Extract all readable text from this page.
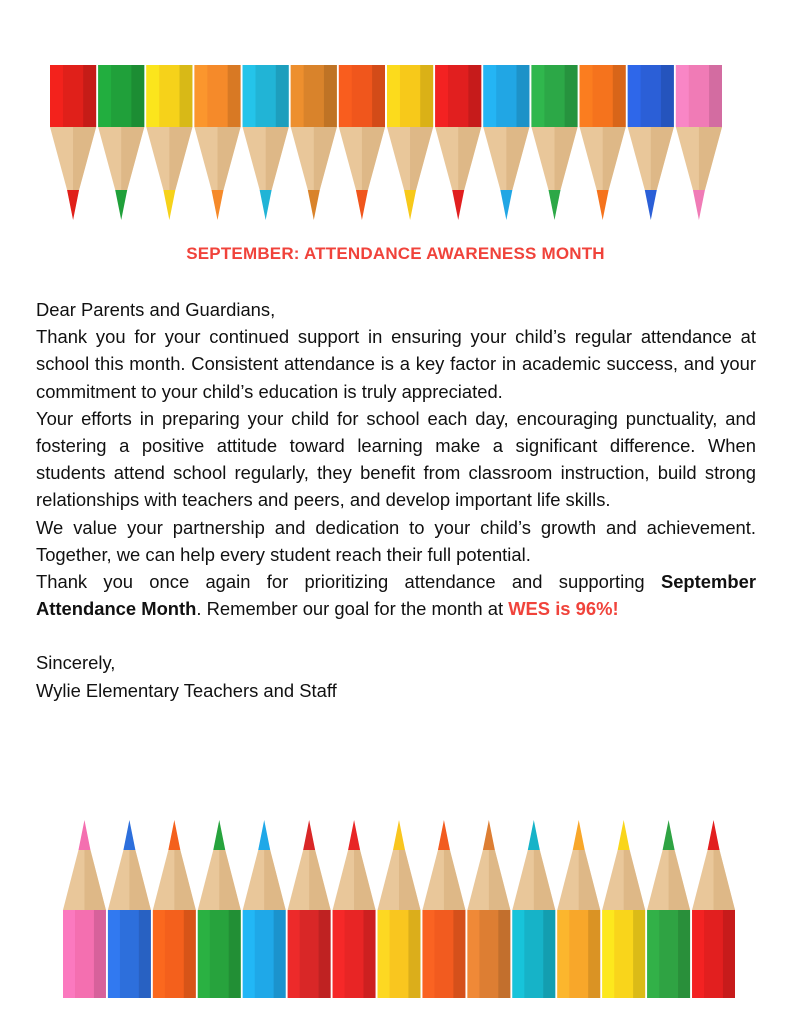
SEPTEMBER: ATTENDANCE AWARENESS MONTH

Dear Parents and Guardians,

Thank you for your continued support in ensuring your child’s regular attendance at school this month. Consistent attendance is a key factor in academic success, and your commitment to your child’s education is truly appreciated.

Your efforts in preparing your child for school each day, encouraging punctuality, and fostering a positive attitude toward learning make a significant difference. When students attend school regularly, they benefit from classroom instruction, build strong relationships with teachers and peers, and develop important life skills.

We value your partnership and dedication to your child’s growth and achievement. Together, we can help every student reach their full potential.

Thank you once again for prioritizing attendance and supporting September Attendance Month. Remember our goal for the month at WES is 96%!

Sincerely,

Wylie Elementary Teachers and Staff
